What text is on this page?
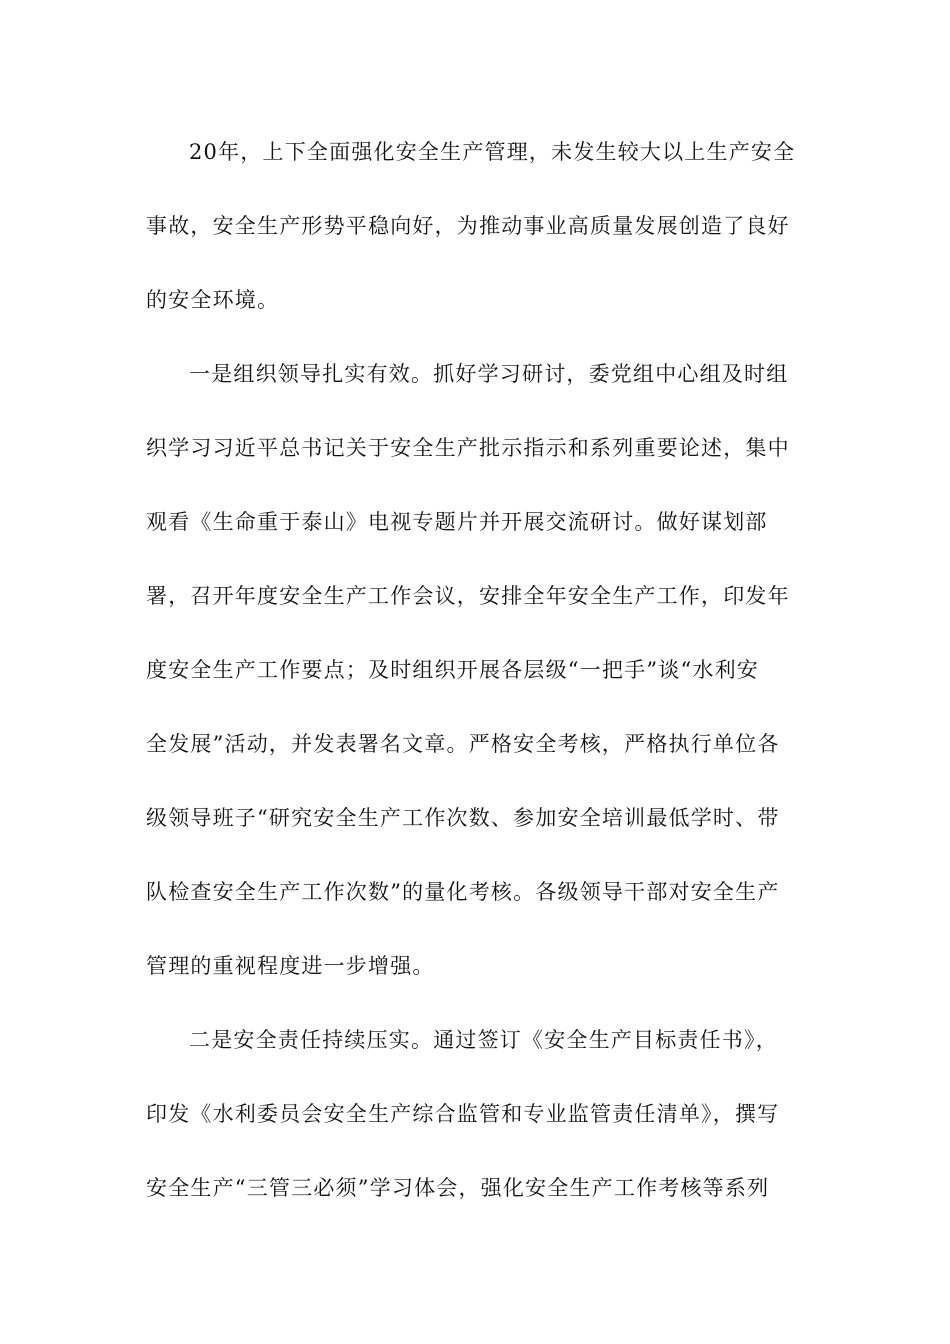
20年，上下全面强化安全生产管理，未发生较大以上生产安全
事故，安全生产形势平稳向好，为推动事业高质量发展创造了良好
的安全环境。
一是组织领导扎实有效。抓好学习研讨，委党组中心组及时组
织学习习近平总书记关于安全生产批示指示和系列重要论述，集中
观看《生命重于泰山》电视专题片并开展交流研讨。做好谋划部
署，召开年度安全生产工作会议，安排全年安全生产工作，印发年
度安全生产工作要点；及时组织开展各层级“一把手”谈“水利安
全发展”活动，并发表署名文章。严格安全考核，严格执行单位各
级领导班子“研究安全生产工作次数、参加安全培训最低学时、带
队检查安全生产工作次数”的量化考核。各级领导干部对安全生产
管理的重视程度进一步增强。
二是安全责任持续压实。通过签订《安全生产目标责任书》，
印发《水利委员会安全生产综合监管和专业监管责任清单》，撰写
安全生产“三管三必须”学习体会，强化安全生产工作考核等系列
